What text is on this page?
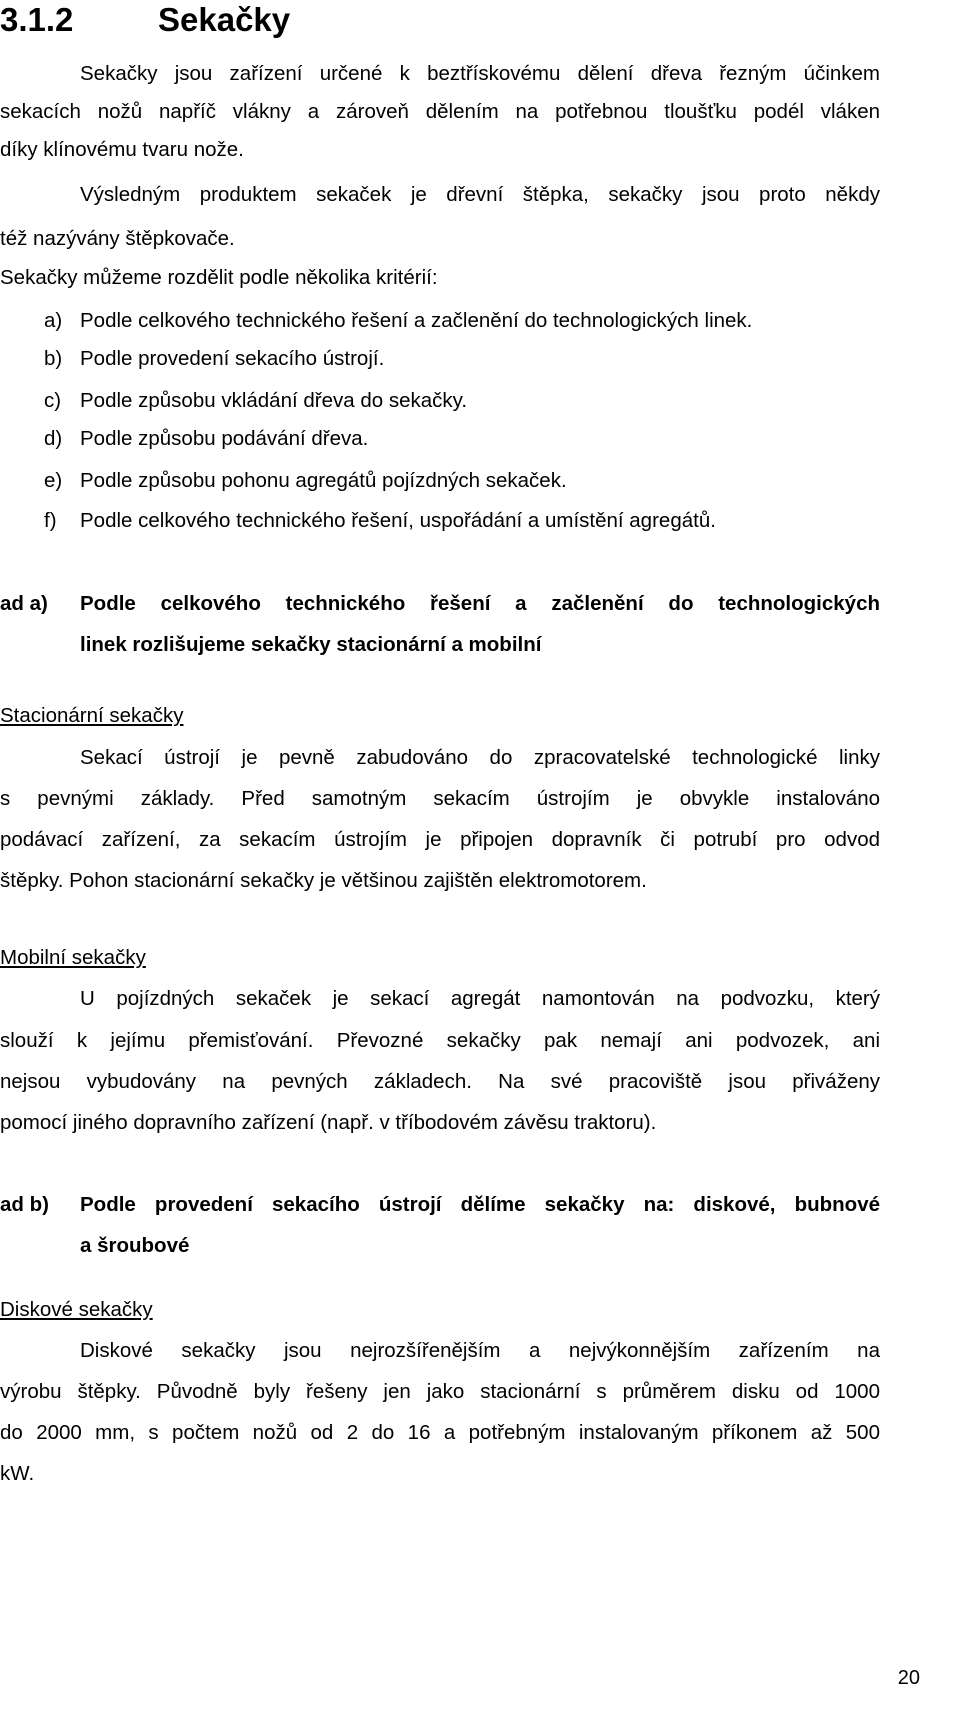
3.1.2	Sekačky
Sekačky jsou zařízení určené k beztřískovému dělení dřeva řezným účinkem
sekacích nožů napříč vlákny a zároveň dělením na potřebnou tloušťku podél vláken
díky klínovému tvaru nože.
Výsledným produktem sekaček je dřevní štěpka, sekačky jsou proto někdy
též nazývány štěpkovače.
Sekačky můžeme rozdělit podle několika kritérií:
a) Podle celkového technického řešení a začlenění do technologických linek.
b) Podle provedení sekacího ústrojí.
c) Podle způsobu vkládání dřeva do sekačky.
d) Podle způsobu podávání dřeva.
e) Podle způsobu pohonu agregátů pojízdných sekaček.
f) Podle celkového technického řešení, uspořádání a umístění agregátů.
ad a) Podle celkového technického řešení a začlenění do technologických
linek rozlišujeme sekačky stacionární a mobilní
Stacionární sekačky
Sekací ústrojí je pevně zabudováno do zpracovatelské technologické linky
s pevnými základy. Před samotným sekacím ústrojím je obvykle instalováno
podávací zařízení, za sekacím ústrojím je připojen dopravník či potrubí pro odvod
štěpky. Pohon stacionární sekačky je většinou zajištěn elektromotorem.
Mobilní sekačky
U pojízdných sekaček je sekací agregát namontován na podvozku, který
slouží k jejímu přemisťování. Převozné sekačky pak nemají ani podvozek, ani
nejsou vybudovány na pevných základech. Na své pracoviště jsou přiváženy
pomocí jiného dopravního zařízení (např. v tříbodovém závěsu traktoru).
ad b) Podle provedení sekacího ústrojí dělíme sekačky na: diskové, bubnové
a šroubové
Diskové sekačky
Diskové sekačky jsou nejrozšířenějším a nejvýkonnějším zařízením na
výrobu štěpky. Původně byly řešeny jen jako stacionární s průměrem disku od 1000
do 2000 mm, s počtem nožů od 2 do 16 a potřebným instalovaným příkonem až 500
kW.
20
